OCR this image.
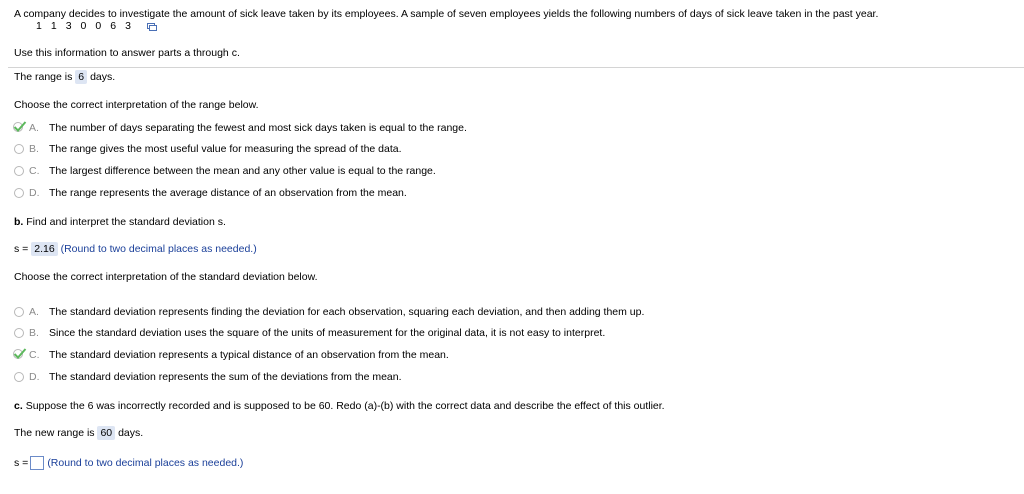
A company decides to investigate the amount of sick leave taken by its employees. A sample of seven employees yields the following numbers of days of sick leave taken in the past year.
1 1 3 0 0 6 3
Use this information to answer parts a through c.
The range is 6 days.
Choose the correct interpretation of the range below.
A. The number of days separating the fewest and most sick days taken is equal to the range.
B. The range gives the most useful value for measuring the spread of the data.
C. The largest difference between the mean and any other value is equal to the range.
D. The range represents the average distance of an observation from the mean.
b. Find and interpret the standard deviation s.
s = 2.16 (Round to two decimal places as needed.)
Choose the correct interpretation of the standard deviation below.
A. The standard deviation represents finding the deviation for each observation, squaring each deviation, and then adding them up.
B. Since the standard deviation uses the square of the units of measurement for the original data, it is not easy to interpret.
C. The standard deviation represents a typical distance of an observation from the mean.
D. The standard deviation represents the sum of the deviations from the mean.
c. Suppose the 6 was incorrectly recorded and is supposed to be 60. Redo (a)-(b) with the correct data and describe the effect of this outlier.
The new range is 60 days.
s = (Round to two decimal places as needed.)
